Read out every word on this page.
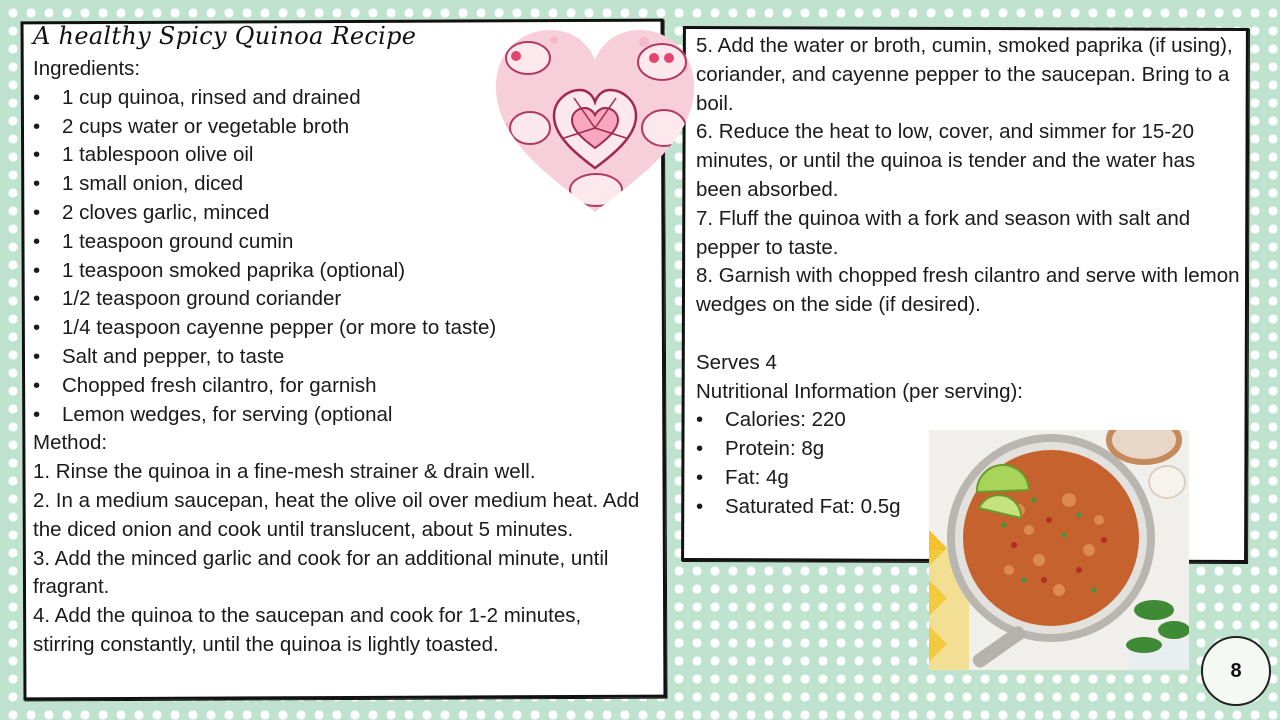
A healthy Spicy Quinoa Recipe

Ingredients:

• 1 cup quinoa, rinsed and drained
• 2 cups water or vegetable broth
• 1 tablespoon olive oil
• 1 small onion, diced
• 2 cloves garlic, minced
• 1 teaspoon ground cumin
• 1 teaspoon smoked paprika (optional)
• 1/2 teaspoon ground coriander
• 1/4 teaspoon cayenne pepper (or more to taste)
• Salt and pepper, to taste
• Chopped fresh cilantro, for garnish
• Lemon wedges, for serving (optional

Method:

1. Rinse the quinoa in a fine-mesh strainer & drain well.

2. In a medium saucepan, heat the olive oil over medium heat. Add the diced onion and cook until translucent, about 5 minutes.

3. Add the minced garlic and cook for an additional minute, until fragrant.

4. Add the quinoa to the saucepan and cook for 1-2 minutes, stirring constantly, until the quinoa is lightly toasted.

5. Add the water or broth, cumin, smoked paprika (if using), coriander, and cayenne pepper to the saucepan. Bring to a boil.

6. Reduce the heat to low, cover, and simmer for 15-20 minutes, or until the quinoa is tender and the water has been absorbed.

7. Fluff the quinoa with a fork and season with salt and pepper to taste.

8. Garnish with chopped fresh cilantro and serve with lemon wedges on the side (if desired).

Serves 4

Nutritional Information (per serving):

• Calories: 220
• Protein: 8g
• Fat: 4g
• Saturated Fat: 0.5g
8
